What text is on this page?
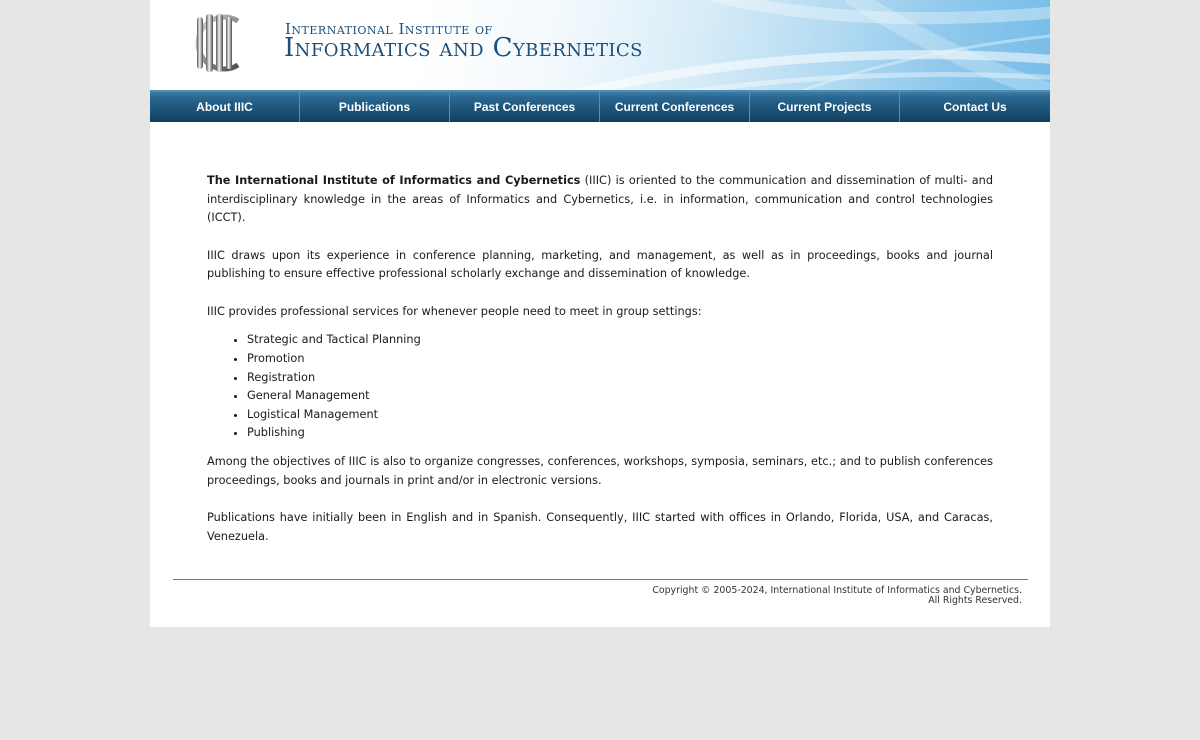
International Institute of
Informatics and Cybernetics
About IIIC	Publications	Past Conferences	Current Conferences	Current Projects	Contact Us

The International Institute of Informatics and Cybernetics (IIIC) is oriented to the communication and dissemination of multi- and interdisciplinary knowledge in the areas of Informatics and Cybernetics, i.e. in information, communication and control technologies (ICCT).

IIIC draws upon its experience in conference planning, marketing, and management, as well as in proceedings, books and journal publishing to ensure effective professional scholarly exchange and dissemination of knowledge.

IIIC provides professional services for whenever people need to meet in group settings:

• Strategic and Tactical Planning
• Promotion
• Registration
• General Management
• Logistical Management
• Publishing

Among the objectives of IIIC is also to organize congresses, conferences, workshops, symposia, seminars, etc.; and to publish conferences proceedings, books and journals in print and/or in electronic versions.

Publications have initially been in English and in Spanish. Consequently, IIIC started with offices in Orlando, Florida, USA, and Caracas, Venezuela.

Copyright © 2005-2024, International Institute of Informatics and Cybernetics.
All Rights Reserved.
